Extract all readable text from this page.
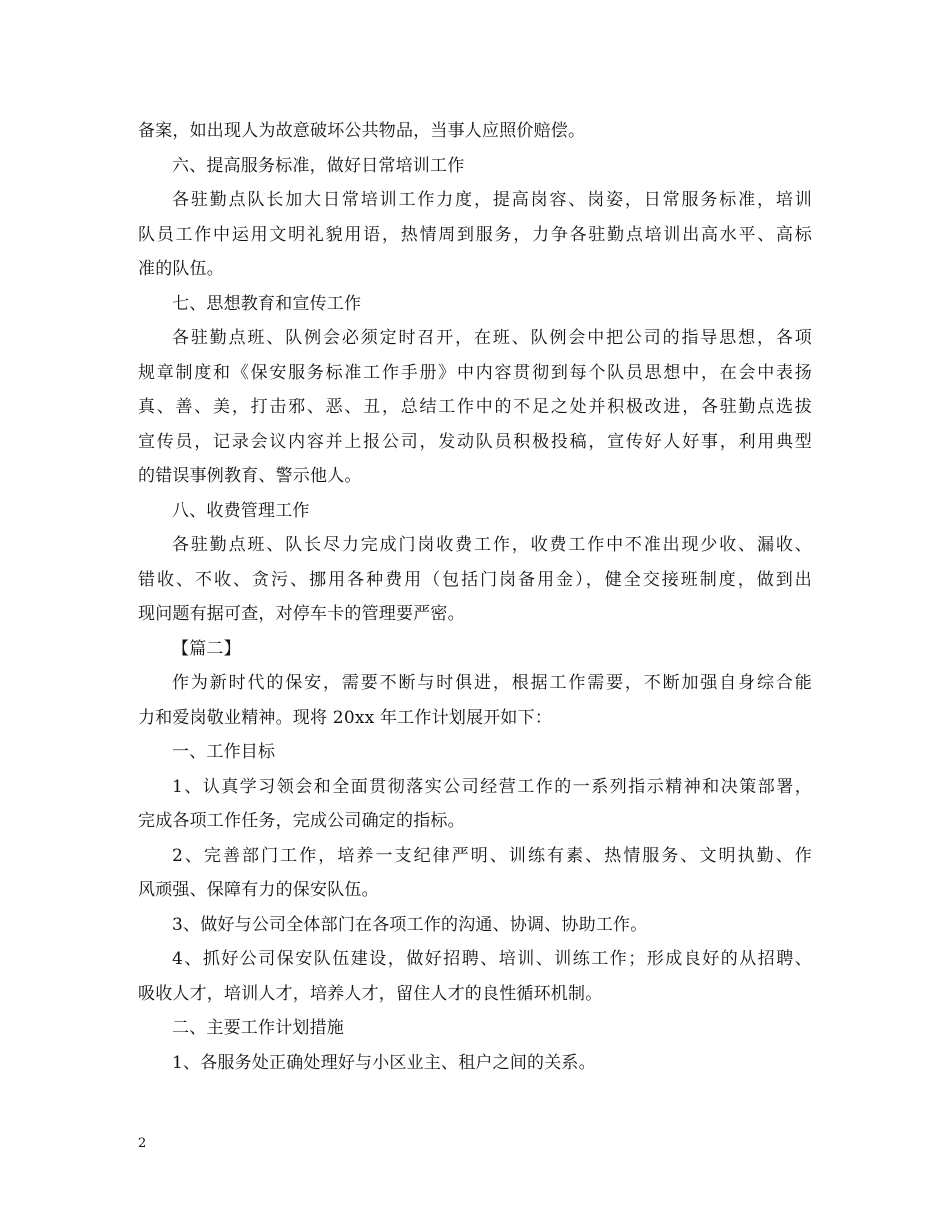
备案，如出现人为故意破坏公共物品，当事人应照价赔偿。
六、提高服务标准，做好日常培训工作
各驻勤点队长加大日常培训工作力度，提高岗容、岗姿，日常服务标准，培训
队员工作中运用文明礼貌用语，热情周到服务，力争各驻勤点培训出高水平、高标
准的队伍。
七、思想教育和宣传工作
各驻勤点班、队例会必须定时召开，在班、队例会中把公司的指导思想，各项
规章制度和《保安服务标准工作手册》中内容贯彻到每个队员思想中，在会中表扬
真、善、美，打击邪、恶、丑，总结工作中的不足之处并积极改进，各驻勤点选拔
宣传员，记录会议内容并上报公司，发动队员积极投稿，宣传好人好事，利用典型
的错误事例教育、警示他人。
八、收费管理工作
各驻勤点班、队长尽力完成门岗收费工作，收费工作中不准出现少收、漏收、
错收、不收、贪污、挪用各种费用（包括门岗备用金），健全交接班制度，做到出
现问题有据可查，对停车卡的管理要严密。
【篇二】
作为新时代的保安，需要不断与时俱进，根据工作需要，不断加强自身综合能
力和爱岗敬业精神。现将 20xx 年工作计划展开如下：
一、工作目标
1、认真学习领会和全面贯彻落实公司经营工作的一系列指示精神和决策部署，
完成各项工作任务，完成公司确定的指标。
2、完善部门工作，培养一支纪律严明、训练有素、热情服务、文明执勤、作
风顽强、保障有力的保安队伍。
3、做好与公司全体部门在各项工作的沟通、协调、协助工作。
4、抓好公司保安队伍建设，做好招聘、培训、训练工作；形成良好的从招聘、
吸收人才，培训人才，培养人才，留住人才的良性循环机制。
二、主要工作计划措施
1、各服务处正确处理好与小区业主、租户之间的关系。
2
